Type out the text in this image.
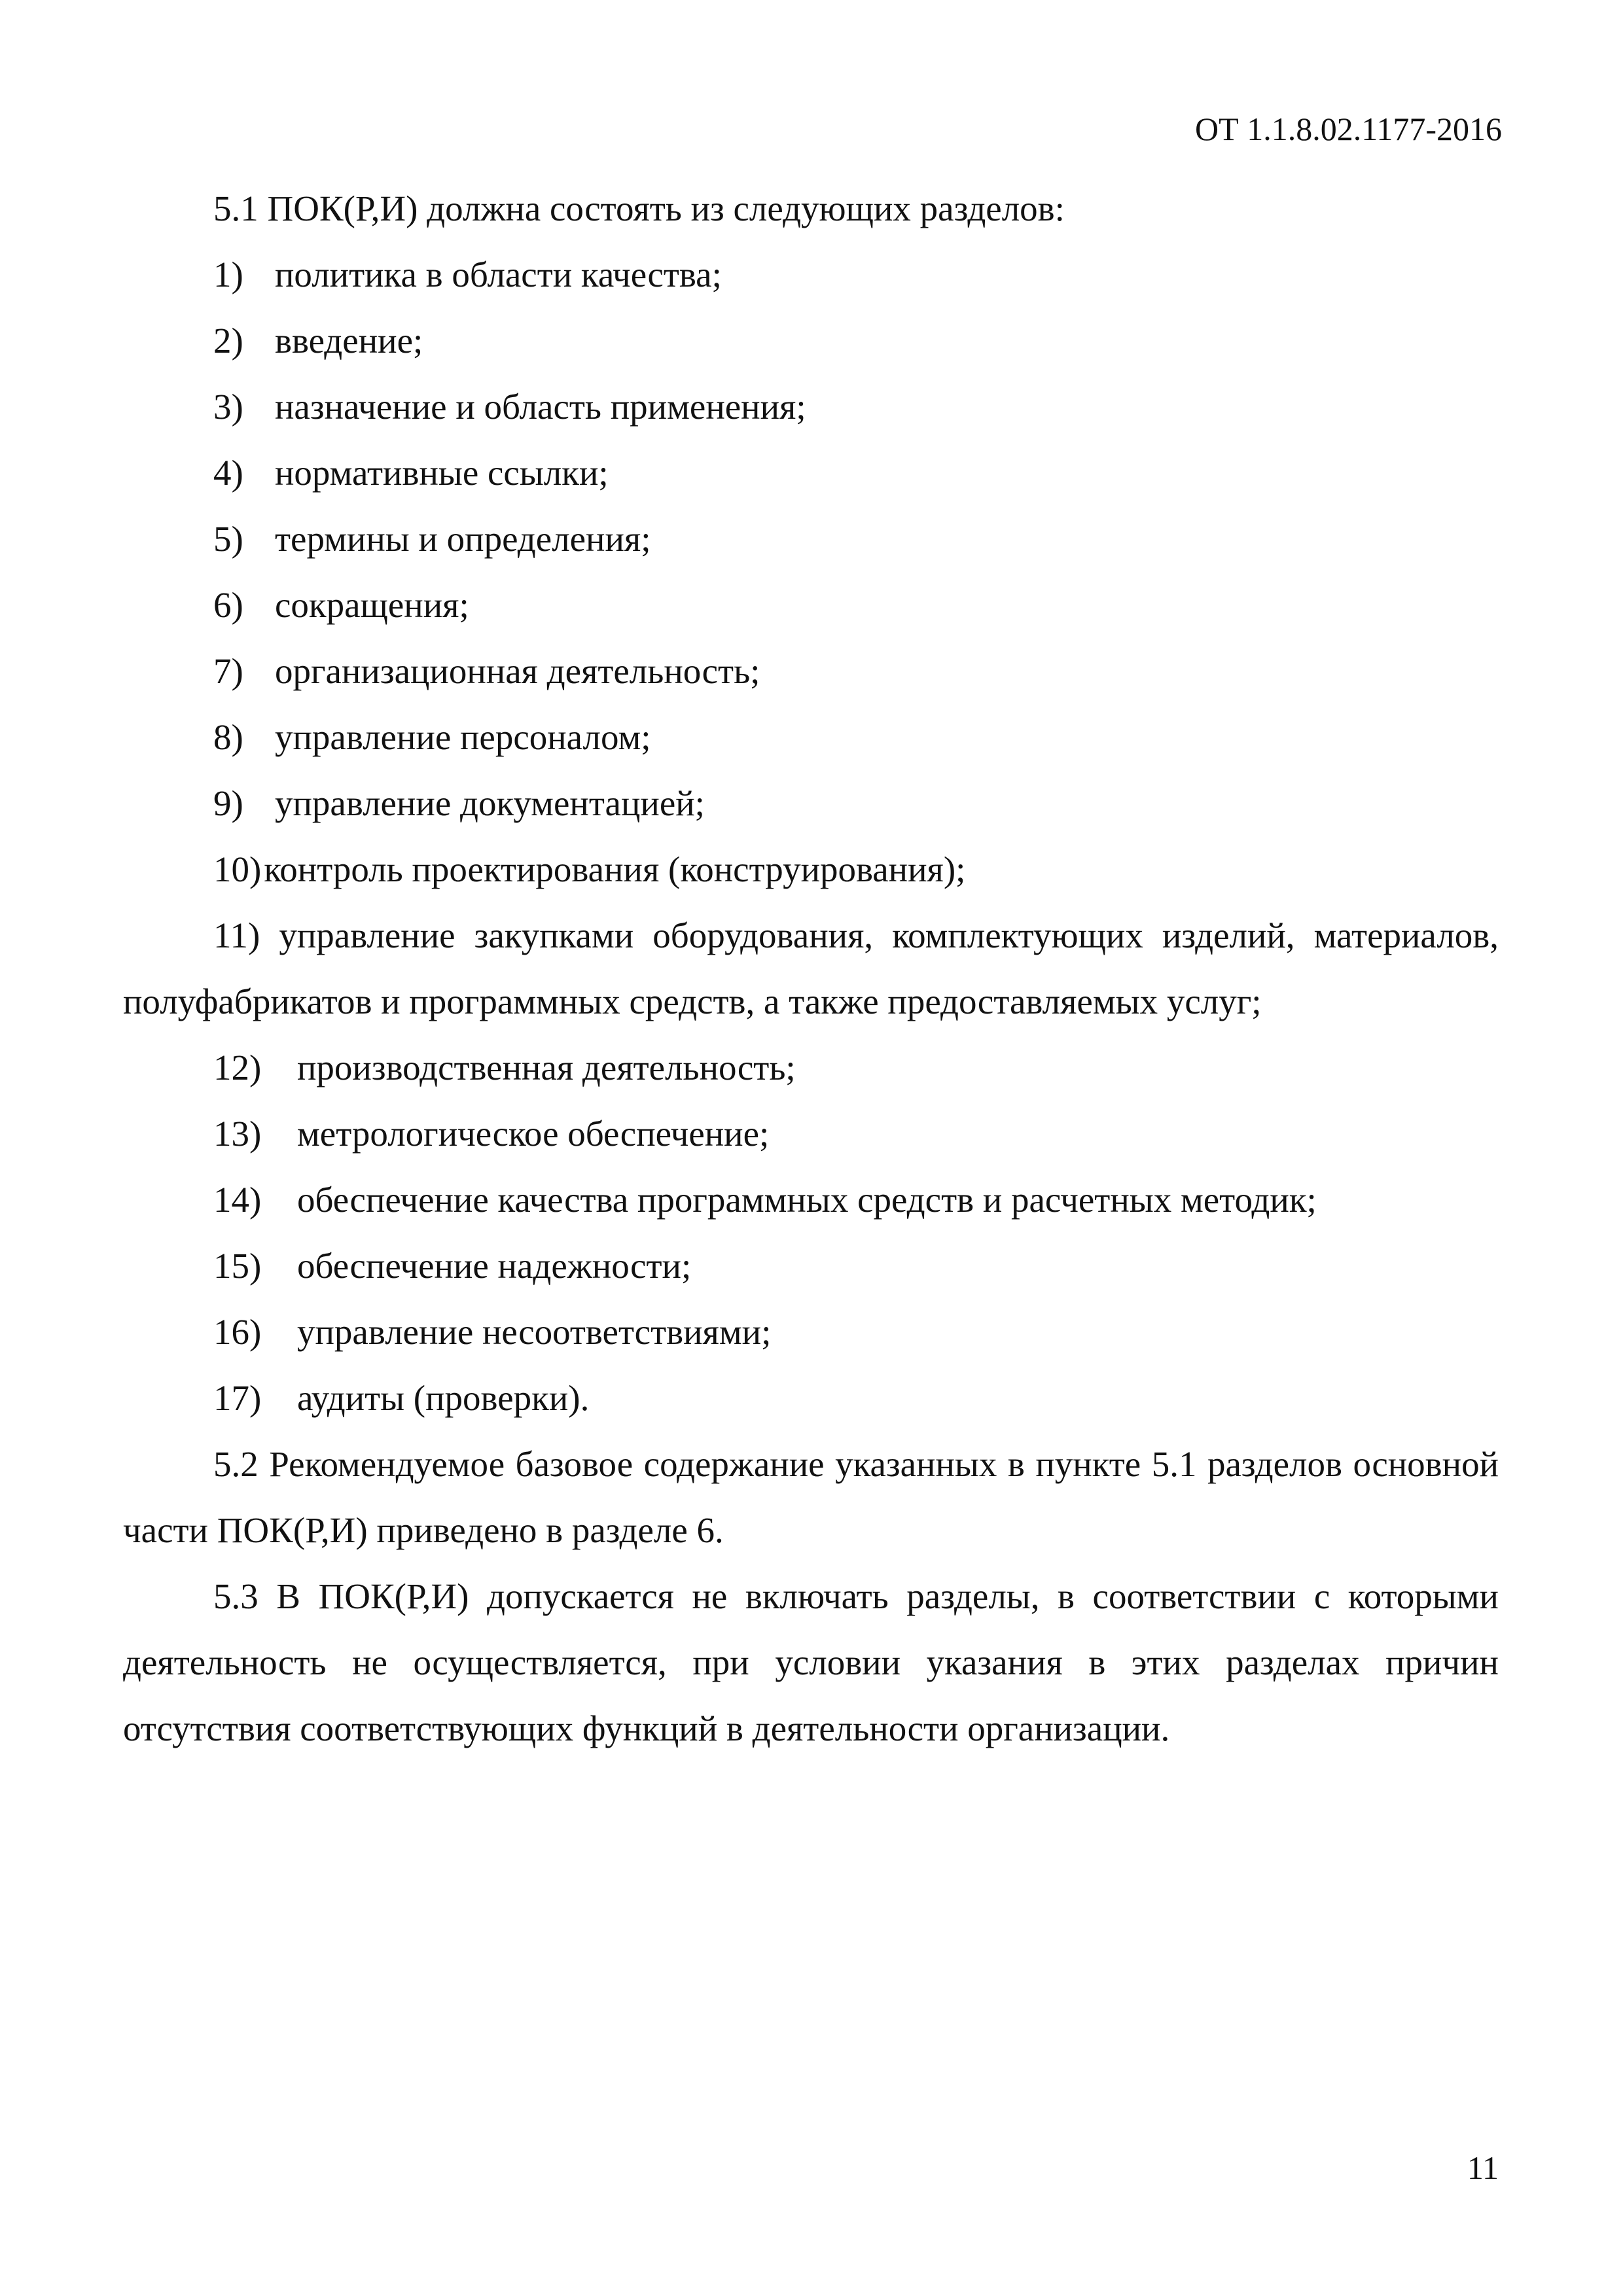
ОТ 1.1.8.02.1177-2016

5.1 ПОК(Р,И) должна состоять из следующих разделов:

1) политика в области качества;
2) введение;
3) назначение и область применения;
4) нормативные ссылки;
5) термины и определения;
6) сокращения;
7) организационная деятельность;
8) управление персоналом;
9) управление документацией;
10) контроль проектирования (конструирования);

11) управление закупками оборудования, комплектующих изделий, материалов, полуфабрикатов и программных средств, а также предоставляемых услуг;

12) производственная деятельность;
13) метрологическое обеспечение;
14) обеспечение качества программных средств и расчетных методик;
15) обеспечение надежности;
16) управление несоответствиями;
17) аудиты (проверки).

5.2 Рекомендуемое базовое содержание указанных в пункте 5.1 разделов основной части ПОК(Р,И) приведено в разделе 6.

5.3 В ПОК(Р,И) допускается не включать разделы, в соответствии с которыми деятельность не осуществляется, при условии указания в этих разделах причин отсутствия соответствующих функций в деятельности организации.

11
